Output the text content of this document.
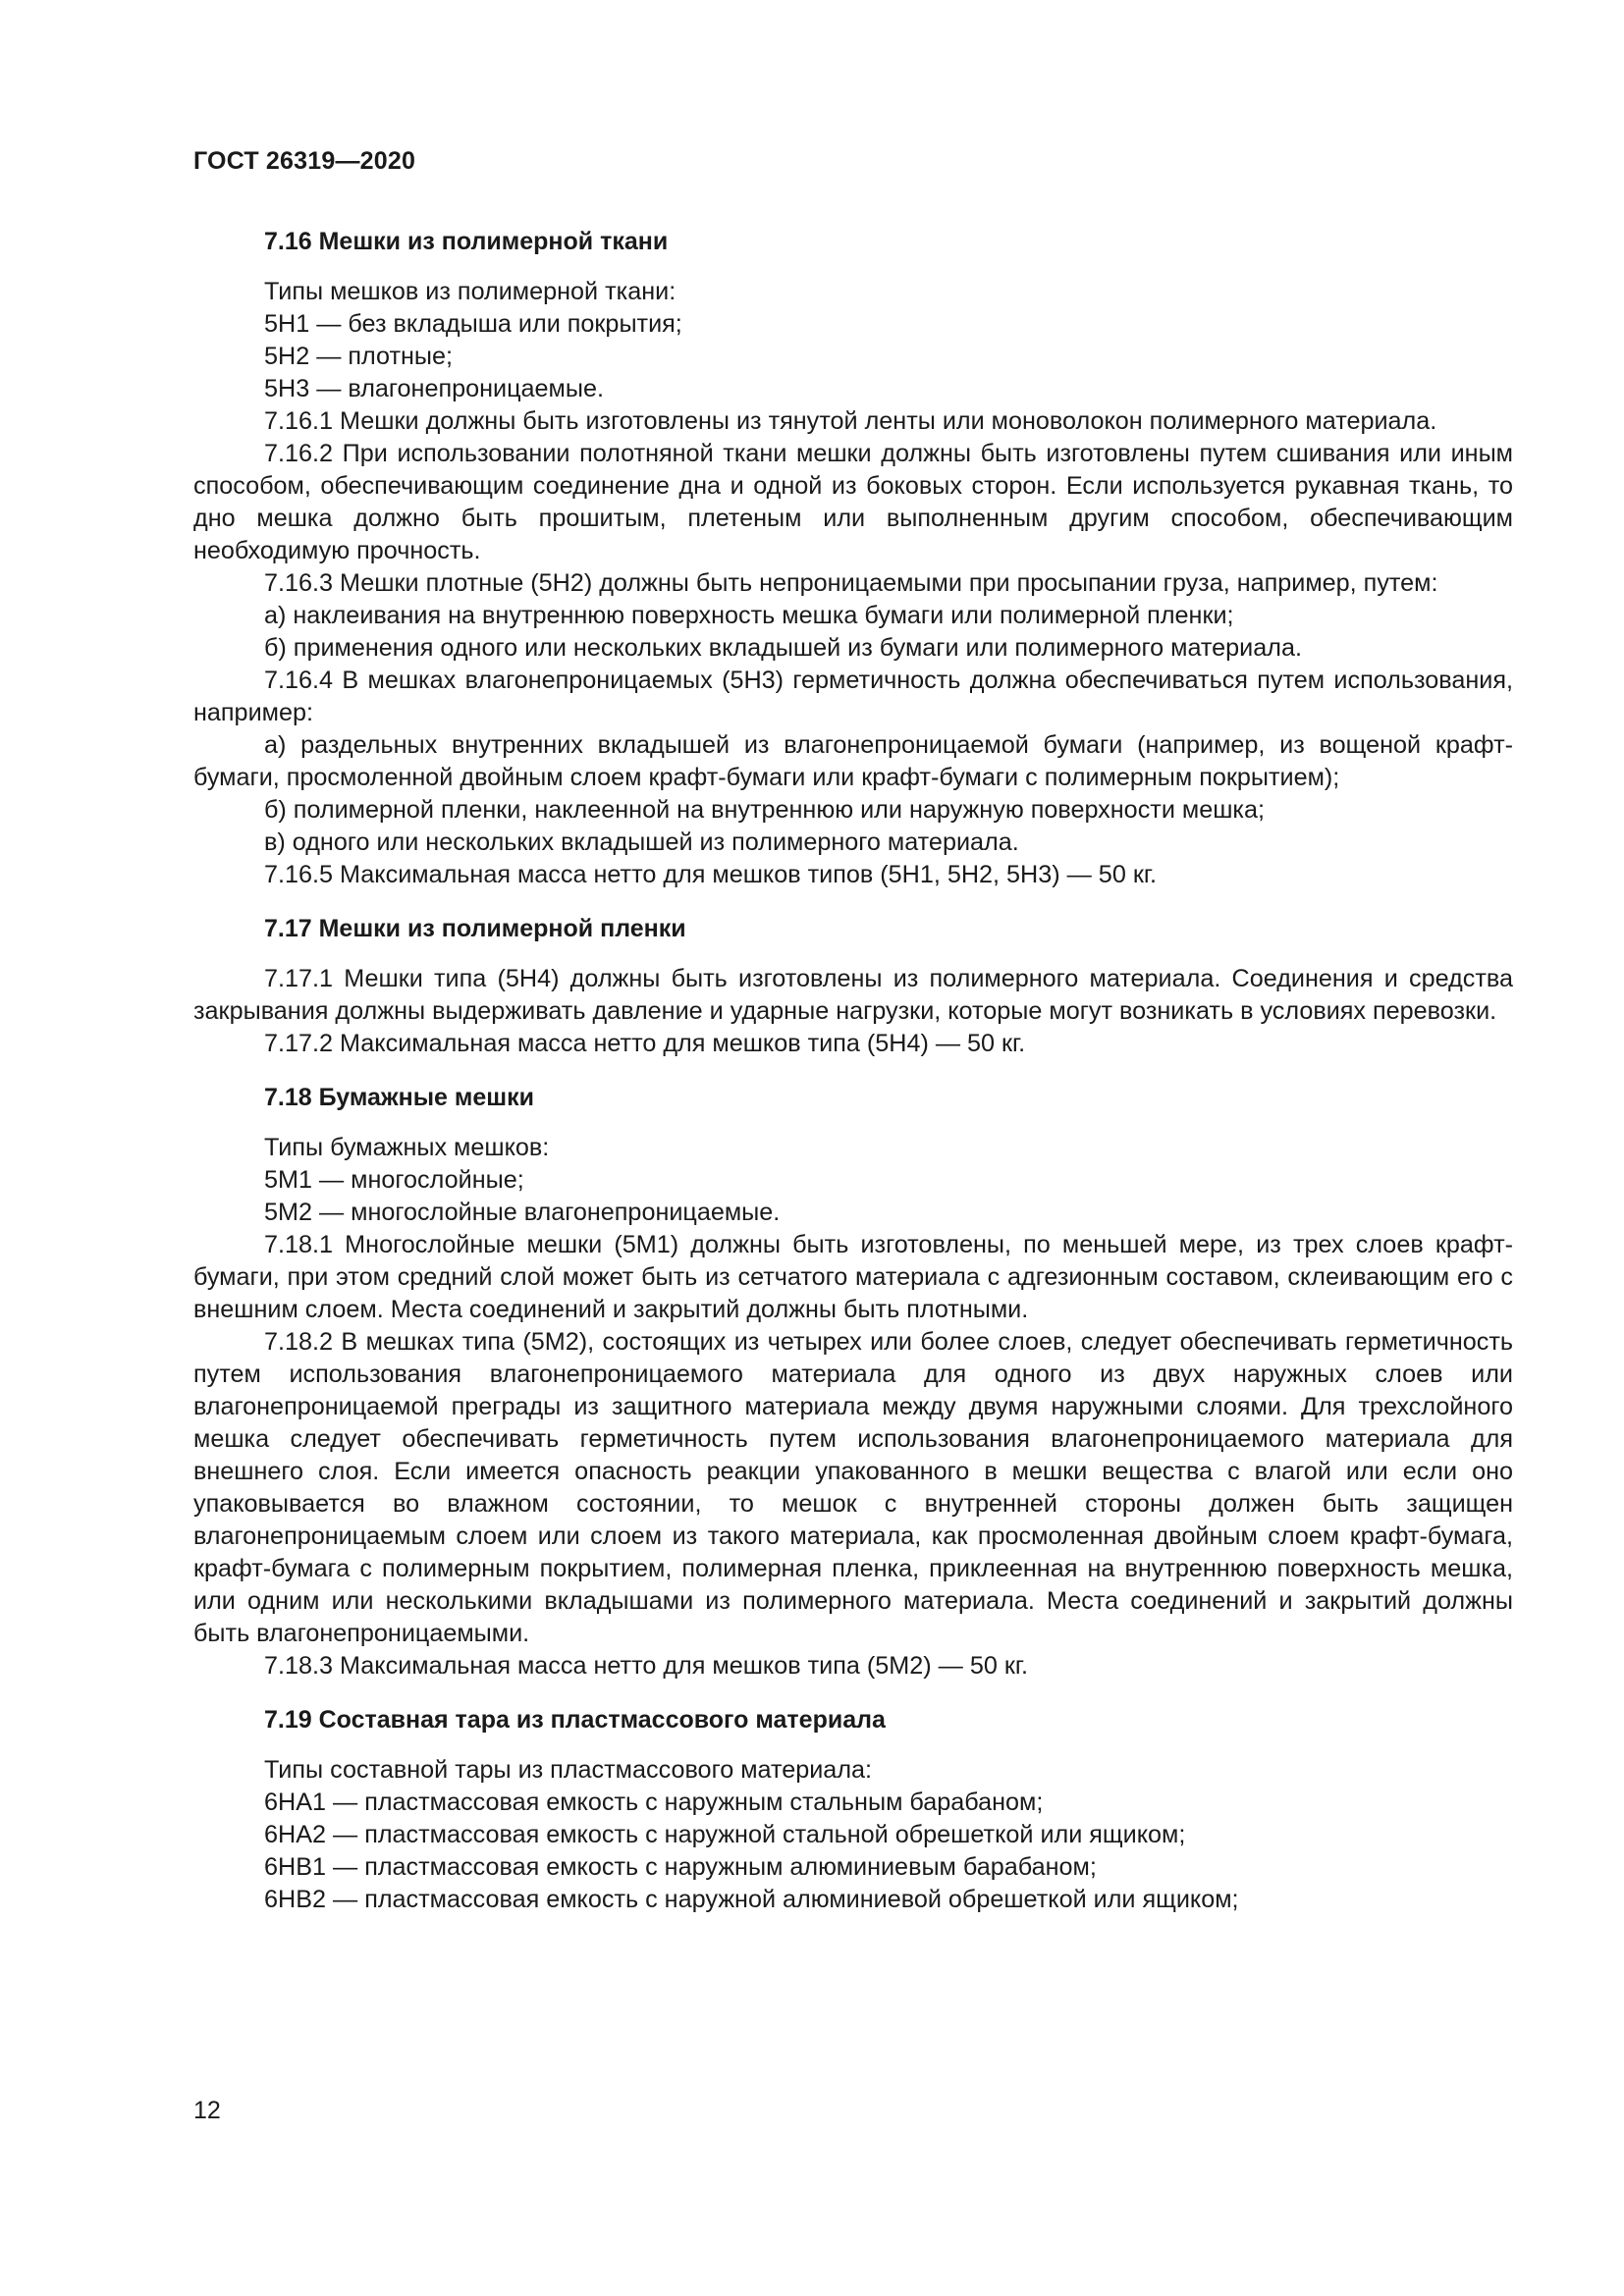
ГОСТ 26319—2020
7.16 Мешки из полимерной ткани

Типы мешков из полимерной ткани:

5H1 — без вкладыша или покрытия;

5H2 — плотные;

5H3 — влагонепроницаемые.

7.16.1 Мешки должны быть изготовлены из тянутой ленты или моноволокон полимерного материала.

7.16.2 При использовании полотняной ткани мешки должны быть изготовлены путем сшивания или иным способом, обеспечивающим соединение дна и одной из боковых сторон. Если используется рукавная ткань, то дно мешка должно быть прошитым, плетеным или выполненным другим способом, обеспечивающим необходимую прочность.

7.16.3 Мешки плотные (5H2) должны быть непроницаемыми при просыпании груза, например, путем:

а) наклеивания на внутреннюю поверхность мешка бумаги или полимерной пленки;

б) применения одного или нескольких вкладышей из бумаги или полимерного материала.

7.16.4 В мешках влагонепроницаемых (5H3) герметичность должна обеспечиваться путем использования, например:

а) раздельных внутренних вкладышей из влагонепроницаемой бумаги (например, из вощеной крафт-бумаги, просмоленной двойным слоем крафт-бумаги или крафт-бумаги с полимерным покрытием);

б) полимерной пленки, наклеенной на внутреннюю или наружную поверхности мешка;

в) одного или нескольких вкладышей из полимерного материала.

7.16.5 Максимальная масса нетто для мешков типов (5H1, 5H2, 5H3) — 50 кг.

7.17 Мешки из полимерной пленки

7.17.1 Мешки типа (5H4) должны быть изготовлены из полимерного материала. Соединения и средства закрывания должны выдерживать давление и ударные нагрузки, которые могут возникать в условиях перевозки.

7.17.2 Максимальная масса нетто для мешков типа (5H4) — 50 кг.

7.18 Бумажные мешки

Типы бумажных мешков:

5M1 — многослойные;

5M2 — многослойные влагонепроницаемые.

7.18.1 Многослойные мешки (5M1) должны быть изготовлены, по меньшей мере, из трех слоев крафт-бумаги, при этом средний слой может быть из сетчатого материала с адгезионным составом, склеивающим его с внешним слоем. Места соединений и закрытий должны быть плотными.

7.18.2 В мешках типа (5M2), состоящих из четырех или более слоев, следует обеспечивать герметичность путем использования влагонепроницаемого материала для одного из двух наружных слоев или влагонепроницаемой преграды из защитного материала между двумя наружными слоями. Для трехслойного мешка следует обеспечивать герметичность путем использования влагонепроницаемого материала для внешнего слоя. Если имеется опасность реакции упакованного в мешки вещества с влагой или если оно упаковывается во влажном состоянии, то мешок с внутренней стороны должен быть защищен влагонепроницаемым слоем или слоем из такого материала, как просмоленная двойным слоем крафт-бумага, крафт-бумага с полимерным покрытием, полимерная пленка, приклеенная на внутреннюю поверхность мешка, или одним или несколькими вкладышами из полимерного материала. Места соединений и закрытий должны быть влагонепроницаемыми.

7.18.3 Максимальная масса нетто для мешков типа (5M2) — 50 кг.

7.19 Составная тара из пластмассового материала

Типы составной тары из пластмассового материала:

6HA1 — пластмассовая емкость с наружным стальным барабаном;

6HA2 — пластмассовая емкость с наружной стальной обрешеткой или ящиком;

6HB1 — пластмассовая емкость с наружным алюминиевым барабаном;

6HB2 — пластмассовая емкость с наружной алюминиевой обрешеткой или ящиком;

12
